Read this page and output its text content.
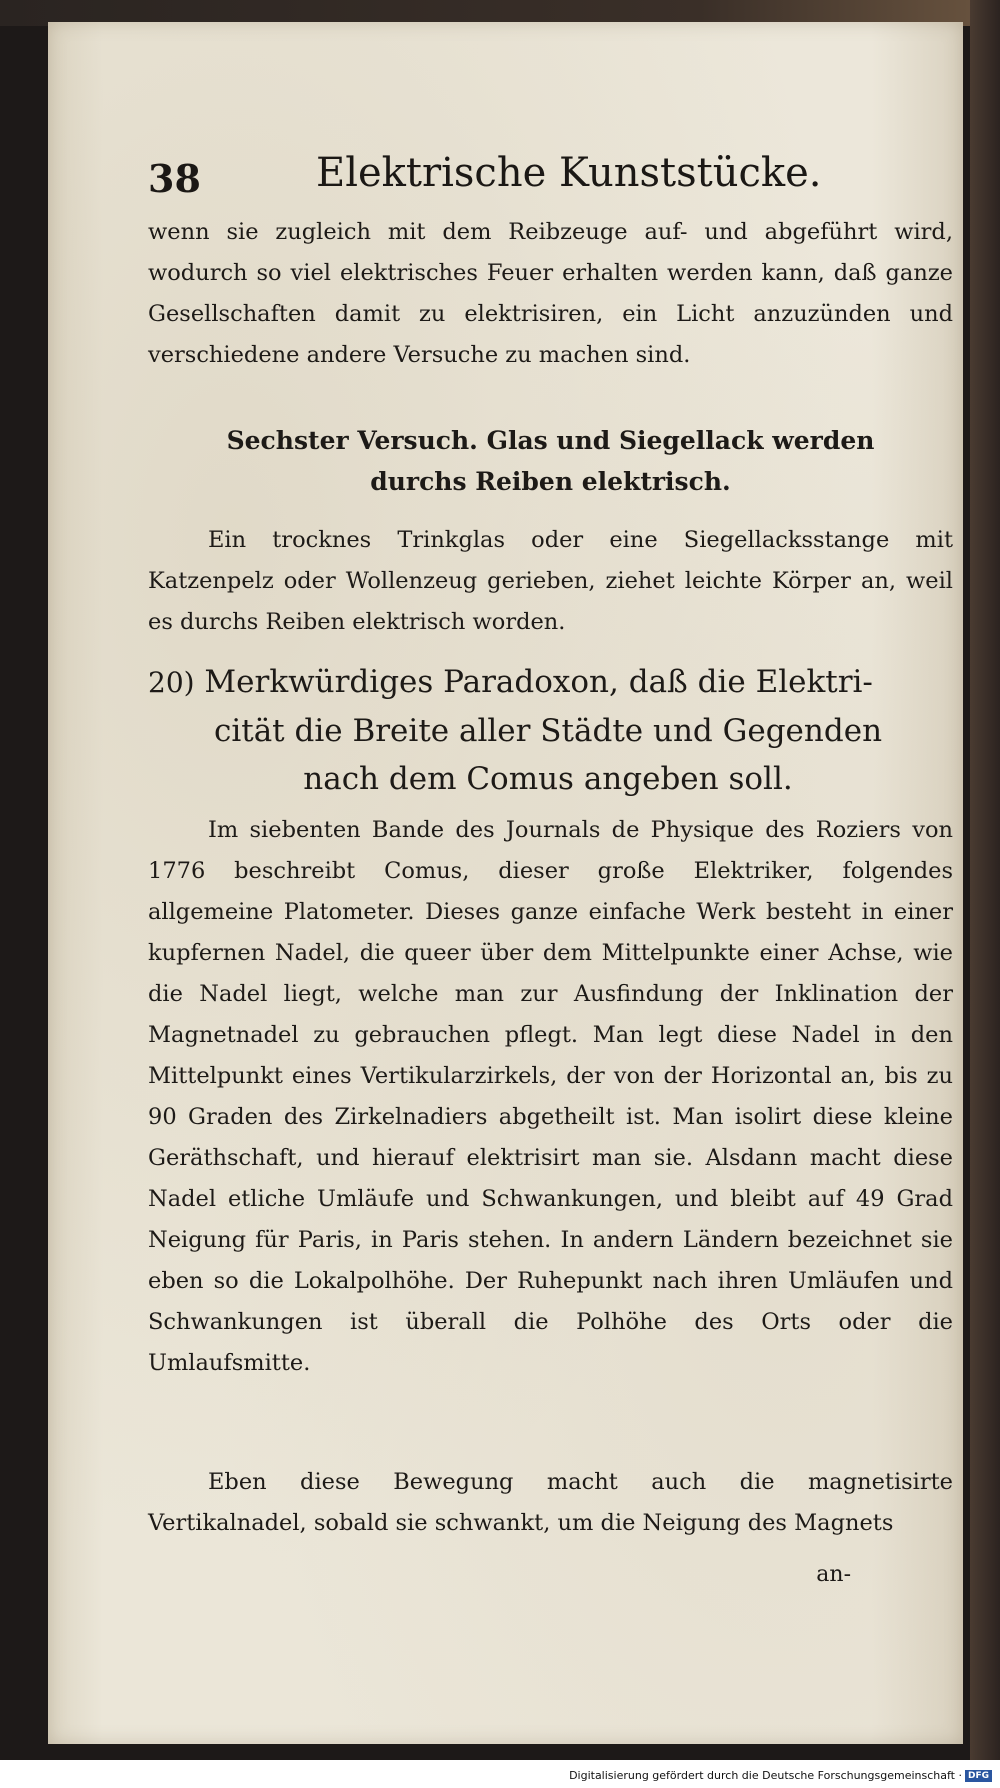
38	Elektrische Kunststücke.

wenn sie zugleich mit dem Reibzeuge auf- und abgeführt wird, wodurch so viel elektrisches Feuer erhalten werden kann, daß ganze Gesellschaften damit zu elektrisiren, ein Licht anzuzünden und verschiedene andere Versuche zu machen sind.

Sechster Versuch. Glas und Siegellack werden durchs Reiben elektrisch.

Ein trocknes Trinkglas oder eine Siegellacksstange mit Katzenpelz oder Wollenzeug gerieben, ziehet leichte Körper an, weil es durchs Reiben elektrisch worden.

20) Merkwürdiges Paradoxon, daß die Elektri-
cität die Breite aller Städte und Gegenden
nach dem Comus angeben soll.

Im siebenten Bande des Journals de Physique des Roziers von 1776 beschreibt Comus, dieser große Elektriker, folgendes allgemeine Platometer. Dieses ganze einfache Werk besteht in einer kupfernen Nadel, die queer über dem Mittelpunkte einer Achse, wie die Nadel liegt, welche man zur Ausfindung der Inklination der Magnetnadel zu gebrauchen pflegt. Man legt diese Nadel in den Mittelpunkt eines Vertikularzirkels, der von der Horizontal an, bis zu 90 Graden des Zirkelnadiers abgetheilt ist. Man isolirt diese kleine Geräthschaft, und hierauf elektrisirt man sie. Alsdann macht diese Nadel etliche Umläufe und Schwankungen, und bleibt auf 49 Grad Neigung für Paris, in Paris stehen. In andern Ländern bezeichnet sie eben so die Lokalpolhöhe. Der Ruhepunkt nach ihren Umläufen und Schwankungen ist überall die Polhöhe des Orts oder die Umlaufsmitte.

Eben diese Bewegung macht auch die magnetisirte Vertikalnadel, sobald sie schwankt, um die Neigung des Magnets

an-
Digitalisierung gefördert durch die Deutsche Forschungsgemeinschaft · DFG
